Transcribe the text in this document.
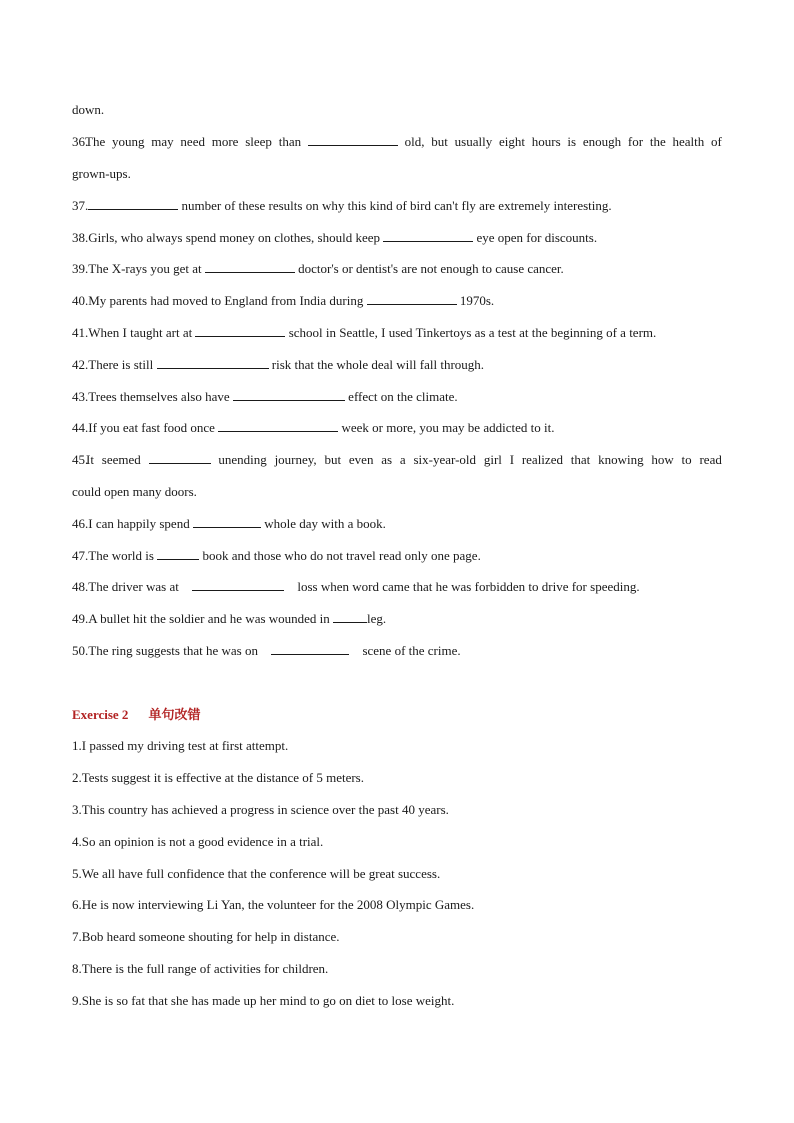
down.
36.
The young may need more sleep than	old, but usually eight hours is enough for the health of
grown-ups.
37.	number of these results on why this kind of bird can't fly are extremely interesting.
38.Girls, who always spend money on clothes, should keep	eye open for discounts.
39.The X-rays you get at	doctor's or dentist's are not enough to cause cancer.
40.My parents had moved to England from India during	1970s.
41.When I taught art at	school in Seattle, I used Tinkertoys as a test at the beginning of a term.
42.There is still	risk that the whole deal will fall through.
43.Trees themselves also have	effect on the climate.
44.If you eat fast food once	week or more, you may be addicted to it.
45.
It seemed	unending journey, but even as a six-year-old girl I realized that knowing how to read
could open many doors.
46.I can happily spend	whole day with a book.
47.The world is	book and those who do not travel read only one page.
48.The driver was at	loss when word came that he was forbidden to drive for speeding.
49.A bullet hit the soldier and he was wounded in	leg.
50.The ring suggests that he was on	scene of the crime.
Exercise 2 单句改错
1.I passed my driving test at first attempt.
2.Tests suggest it is effective at the distance of 5 meters.
3.This country has achieved a progress in science over the past 40 years.
4.So an opinion is not a good evidence in a trial.
5.We all have full confidence that the conference will be great success.
6.He is now interviewing Li Yan, the volunteer for the 2008 Olympic Games.
7.Bob heard someone shouting for help in distance.
8.There is the full range of activities for children.
9.She is so fat that she has made up her mind to go on diet to lose weight.
